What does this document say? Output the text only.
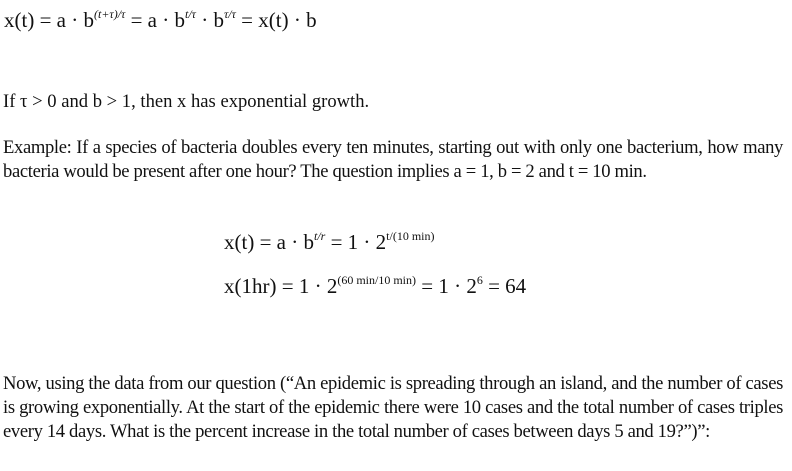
$x(t) = a \cdot b^{(t+\tau)/\tau} = a \cdot b^{t/\tau} \cdot b^{\tau/\tau} = x(t) \cdot b$
If τ > 0 and b > 1, then x has exponential growth.
Example: If a species of bacteria doubles every ten minutes, starting out with only one bacterium, how many bacteria would be present after one hour? The question implies a = 1, b = 2 and t = 10 min.
$x(t) = a \cdot b^{t/r} = 1 \cdot 2^{t/(10 min)}$
$x(1hr) = 1 \cdot 2^{(60 min/10 min)} = 1 \cdot 2^6 = 64$
Now, using the data from our question (“An epidemic is spreading through an island, and the number of cases is growing exponentially. At the start of the epidemic there were 10 cases and the total number of cases triples every 14 days. What is the percent increase in the total number of cases between days 5 and 19?”)”:
